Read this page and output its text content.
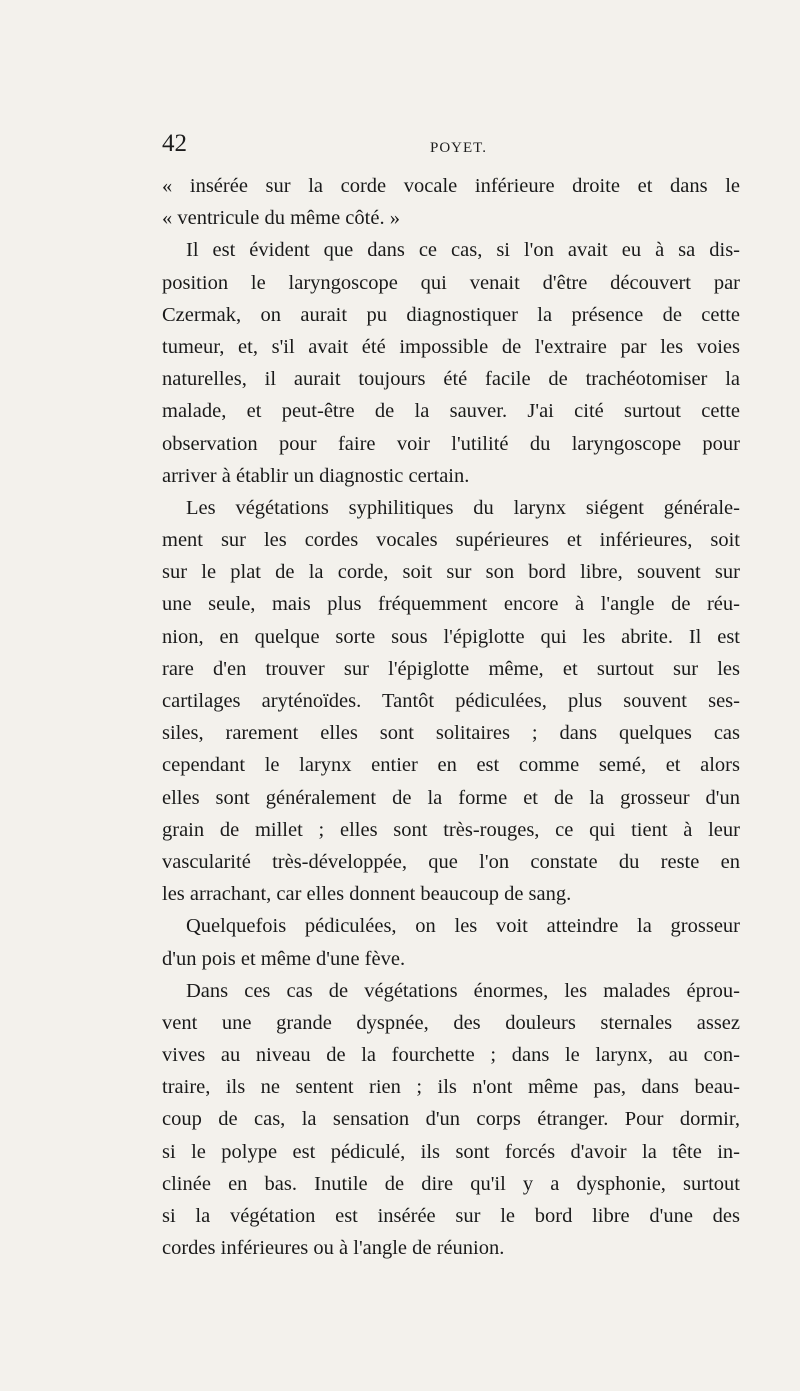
42	POYET.
« insérée sur la corde vocale inférieure droite et dans le
« ventricule du même côté. »
Il est évident que dans ce cas, si l'on avait eu à sa dis-
position le laryngoscope qui venait d'être découvert par
Czermak, on aurait pu diagnostiquer la présence de cette
tumeur, et, s'il avait été impossible de l'extraire par les voies
naturelles, il aurait toujours été facile de trachéotomiser la
malade, et peut-être de la sauver. J'ai cité surtout cette
observation pour faire voir l'utilité du laryngoscope pour
arriver à établir un diagnostic certain.
Les végétations syphilitiques du larynx siégent générale-
ment sur les cordes vocales supérieures et inférieures, soit
sur le plat de la corde, soit sur son bord libre, souvent sur
une seule, mais plus fréquemment encore à l'angle de réu-
nion, en quelque sorte sous l'épiglotte qui les abrite. Il est
rare d'en trouver sur l'épiglotte même, et surtout sur les
cartilages aryténoïdes. Tantôt pédiculées, plus souvent ses-
siles, rarement elles sont solitaires ; dans quelques cas
cependant le larynx entier en est comme semé, et alors
elles sont généralement de la forme et de la grosseur d'un
grain de millet ; elles sont très-rouges, ce qui tient à leur
vascularité très-développée, que l'on constate du reste en
les arrachant, car elles donnent beaucoup de sang.
Quelquefois pédiculées, on les voit atteindre la grosseur
d'un pois et même d'une fève.
Dans ces cas de végétations énormes, les malades éprou-
vent une grande dyspnée, des douleurs sternales assez
vives au niveau de la fourchette ; dans le larynx, au con-
traire, ils ne sentent rien ; ils n'ont même pas, dans beau-
coup de cas, la sensation d'un corps étranger. Pour dormir,
si le polype est pédiculé, ils sont forcés d'avoir la tête in-
clinée en bas. Inutile de dire qu'il y a dysphonie, surtout
si la végétation est insérée sur le bord libre d'une des
cordes inférieures ou à l'angle de réunion.
